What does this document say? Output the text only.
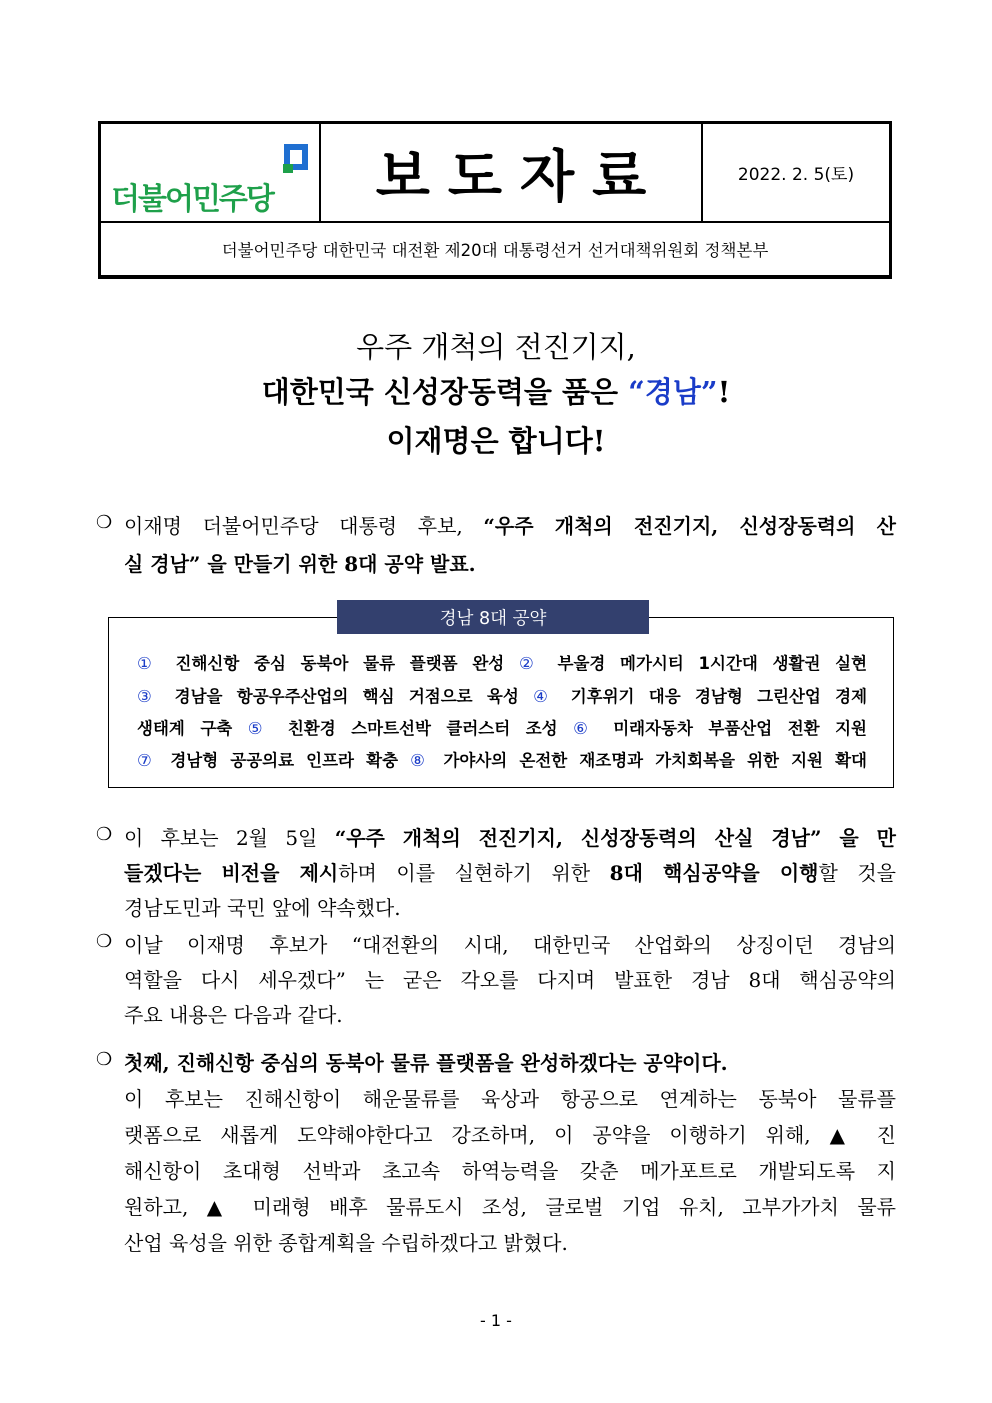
더불어민주당 보도자료	2022. 2. 5(토)
더불어민주당 대한민국 대전환 제20대 대통령선거 선거대책위원회 정책본부
우주 개척의 전진기지,
대한민국 신성장동력을 품은 “경남”!
이재명은 합니다!
❍ 이재명 더불어민주당 대통령 후보, “우주 개척의 전진기지, 신성장동력의 산
실 경남” 을 만들기 위한 8대 공약 발표.
경남 8대 공약
① 진해신항 중심 동북아 물류 플랫폼 완성 ② 부울경 메가시티 1시간대 생활권 실현
③ 경남을 항공우주산업의 핵심 거점으로 육성 ④ 기후위기 대응 경남형 그린산업 경제
생태계 구축 ⑤ 친환경 스마트선박 클러스터 조성 ⑥ 미래자동차 부품산업 전환 지원
⑦ 경남형 공공의료 인프라 확충 ⑧ 가야사의 온전한 재조명과 가치회복을 위한 지원 확대
❍ 이 후보는 2월 5일 “우주 개척의 전진기지, 신성장동력의 산실 경남” 을 만
들겠다는 비전을 제시하며 이를 실현하기 위한 8대 핵심공약을 이행할 것을
경남도민과 국민 앞에 약속했다.
❍ 이날 이재명 후보가 “대전환의 시대, 대한민국 산업화의 상징이던 경남의
역할을 다시 세우겠다” 는 굳은 각오를 다지며 발표한 경남 8대 핵심공약의
주요 내용은 다음과 같다.
❍ 첫째, 진해신항 중심의 동북아 물류 플랫폼을 완성하겠다는 공약이다.
이 후보는 진해신항이 해운물류를 육상과 항공으로 연계하는 동북아 물류플
랫폼으로 새롭게 도약해야한다고 강조하며, 이 공약을 이행하기 위해, ▲ 진
해신항이 초대형 선박과 초고속 하역능력을 갖춘 메가포트로 개발되도록 지
원하고, ▲ 미래형 배후 물류도시 조성, 글로벌 기업 유치, 고부가가치 물류
산업 육성을 위한 종합계획을 수립하겠다고 밝혔다.
- 1 -
